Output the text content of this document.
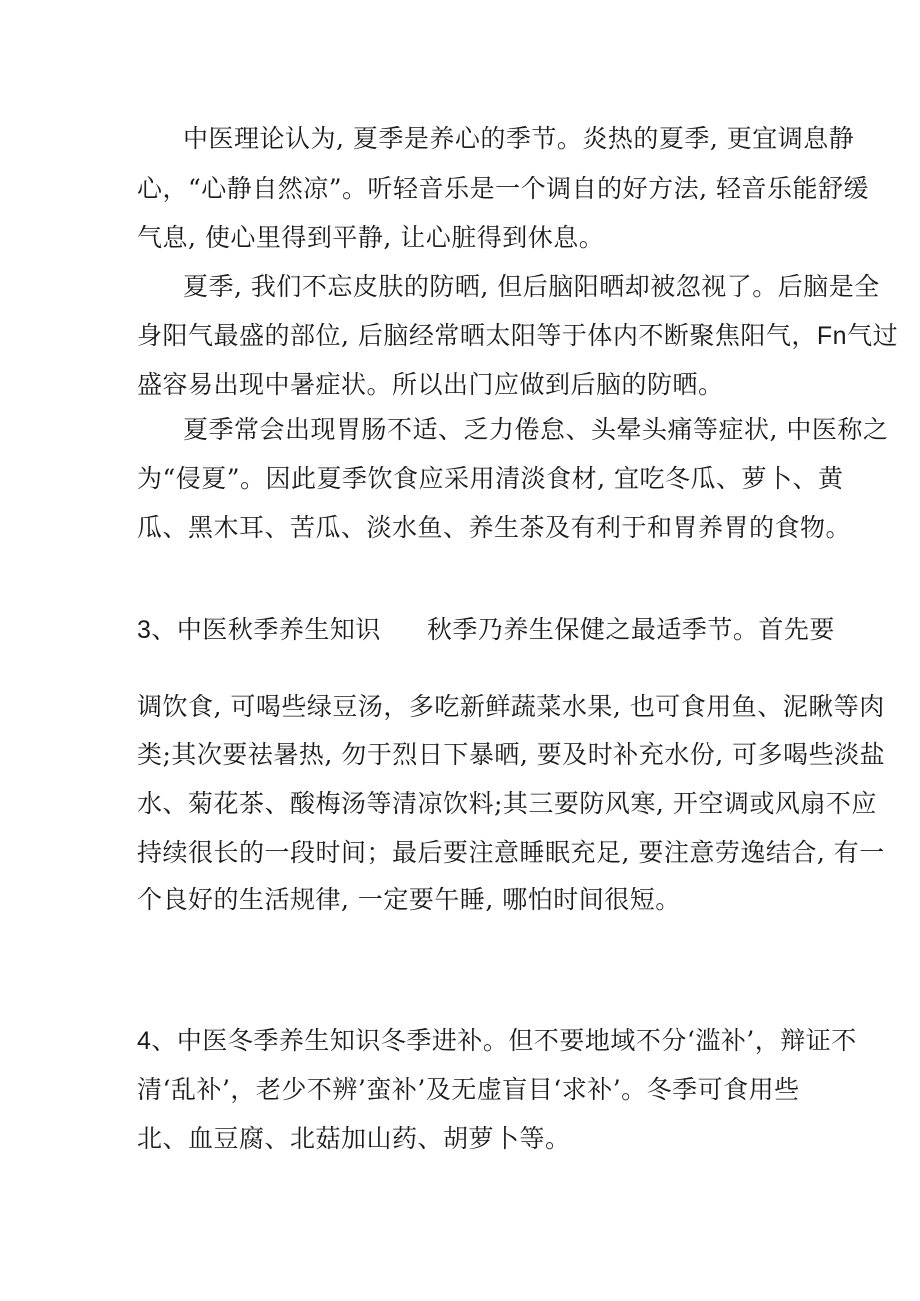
中医理论认为, 夏季是养心的季节。炎热的夏季, 更宜调息静
心，“心静自然凉”。听轻音乐是一个调自的好方法, 轻音乐能舒缓
气息, 使心里得到平静, 让心脏得到休息。
夏季, 我们不忘皮肤的防晒, 但后脑阳晒却被忽视了。后脑是全
身阳气最盛的部位, 后脑经常晒太阳等于体内不断聚焦阳气，Fn气过
盛容易出现中暑症状。所以出门应做到后脑的防晒。
夏季常会出现胃肠不适、乏力倦怠、头晕头痛等症状, 中医称之
为“侵夏”。因此夏季饮食应采用清淡食材, 宜吃冬瓜、萝卜、黄
瓜、黑木耳、苦瓜、淡水鱼、养生茶及有利于和胃养胃的食物。
3、中医秋季养生知识 秋季乃养生保健之最适季节。首先要
调饮食, 可喝些绿豆汤，多吃新鲜蔬菜水果, 也可食用鱼、泥瞅等肉
类;其次要祛暑热, 勿于烈日下暴晒, 要及时补充水份, 可多喝些淡盐
水、菊花茶、酸梅汤等清凉饮料;其三要防风寒, 开空调或风扇不应
持续很长的一段时间；最后要注意睡眠充足, 要注意劳逸结合, 有一
个良好的生活规律, 一定要午睡, 哪怕时间很短。
4、中医冬季养生知识冬季进补。但不要地域不分‘滥补’，辩证不
清‘乱补’，老少不辨’蛮补’及无虚盲目‘求补’。冬季可食用些
北、血豆腐、北菇加山药、胡萝卜等。
